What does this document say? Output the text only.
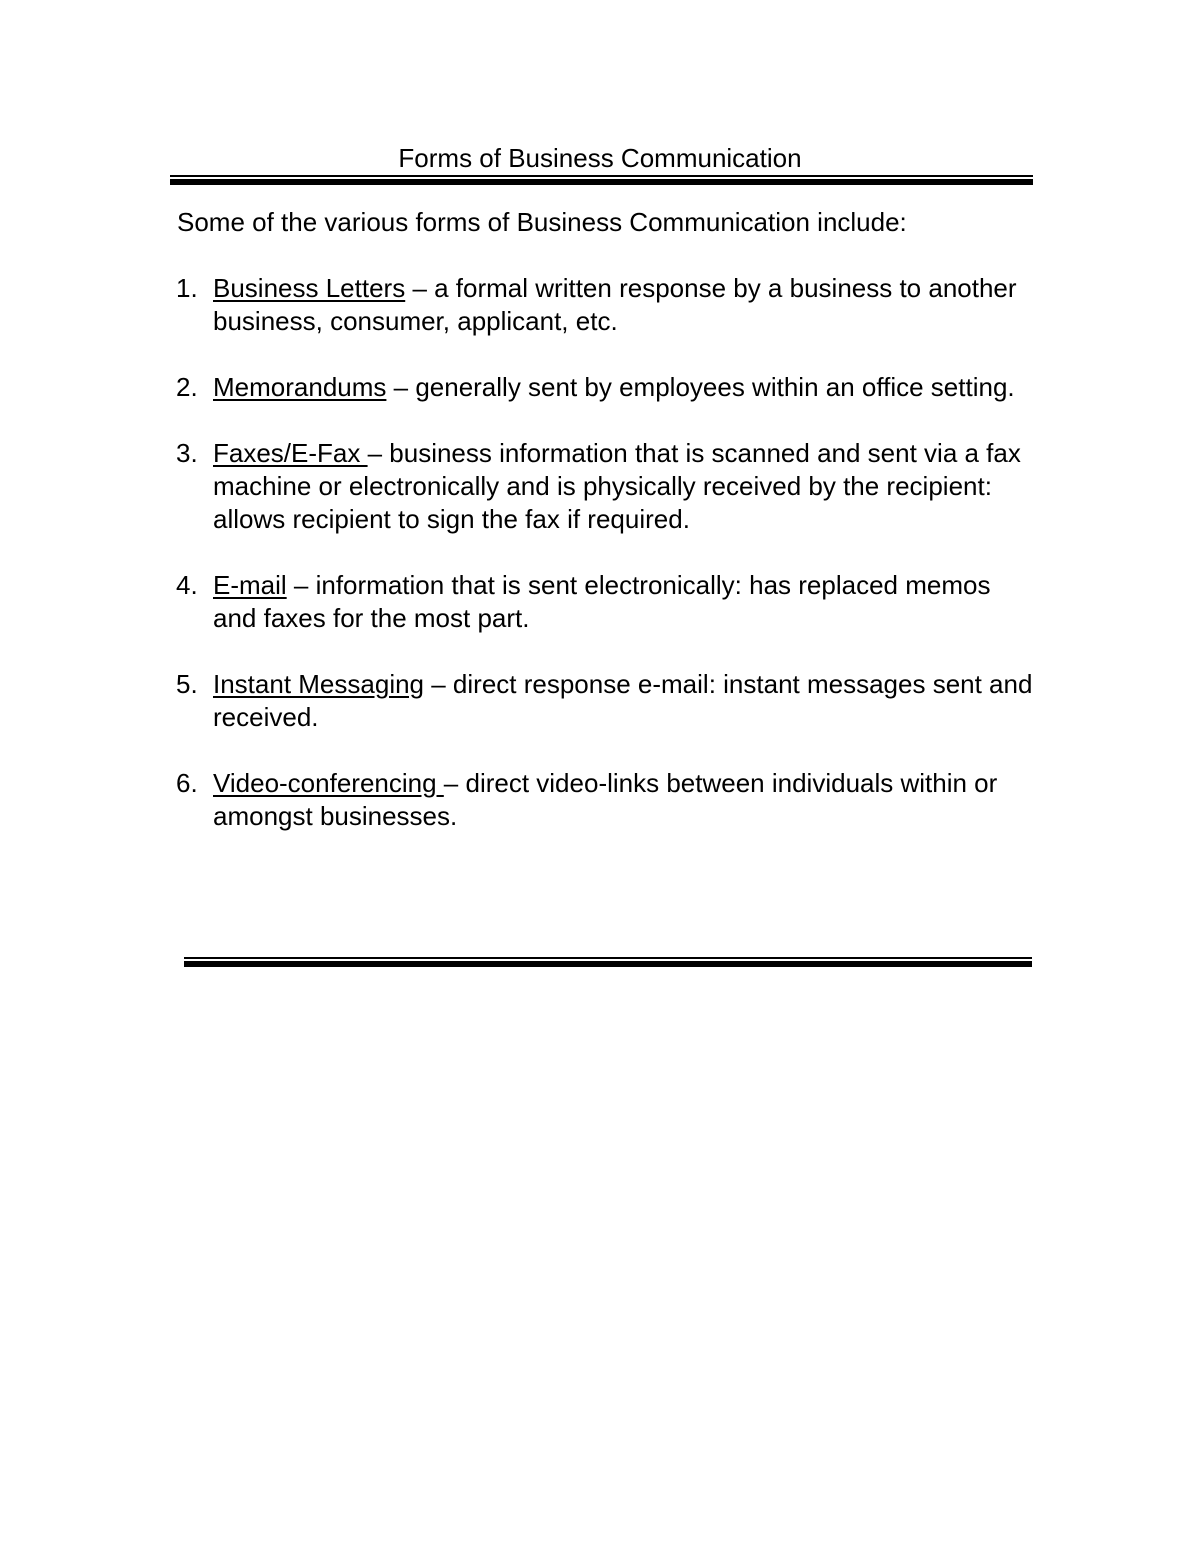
Forms of Business Communication
Some of the various forms of Business Communication include:
1. Business Letters – a formal written response by a business to another business, consumer, applicant, etc.
2. Memorandums – generally sent by employees within an office setting.
3. Faxes/E-Fax – business information that is scanned and sent via a fax machine or electronically and is physically received by the recipient: allows recipient to sign the fax if required.
4. E-mail – information that is sent electronically: has replaced memos and faxes for the most part.
5. Instant Messaging – direct response e-mail: instant messages sent and received.
6. Video-conferencing – direct video-links between individuals within or amongst businesses.
